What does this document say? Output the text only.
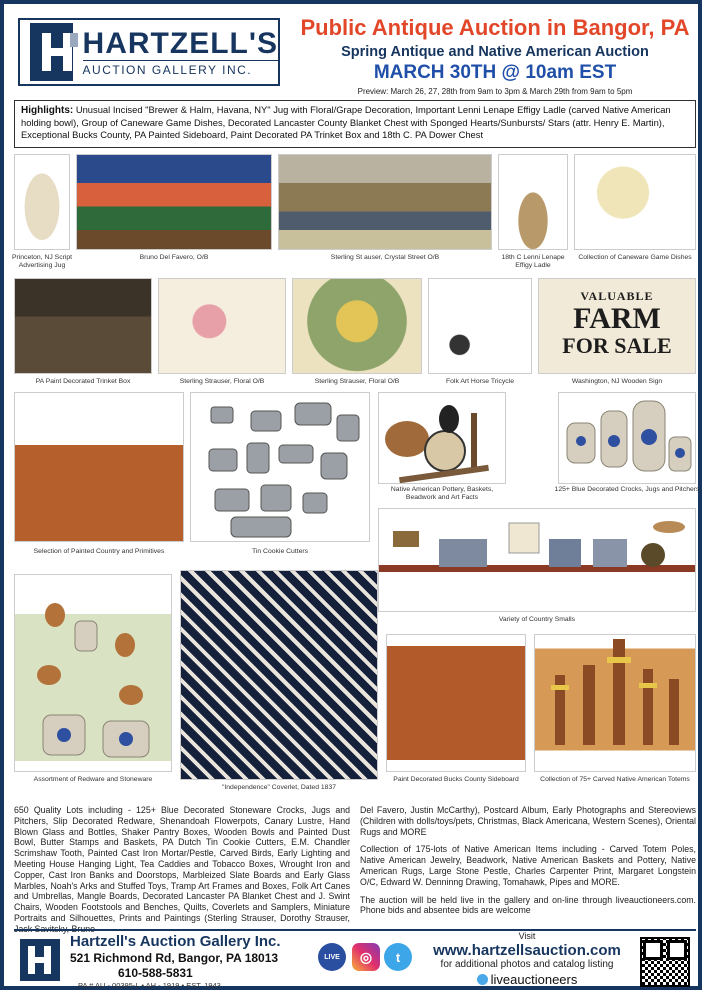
HARTZELL'S
AUCTION GALLERY INC.
Public Antique Auction in Bangor, PA
Spring Antique and Native American Auction
MARCH 30TH @ 10am EST
Preview: March 26, 27, 28th from 9am to 3pm & March 29th from 9am to 5pm
Highlights: Unusual Incised "Brewer & Halm, Havana, NY" Jug with Floral/Grape Decoration, Important Lenni Lenape Effigy Ladle (carved Native American holding bowl), Group of Caneware Game Dishes, Decorated Lancaster County Blanket Chest with Sponged Hearts/Sunbursts/ Stars (attr. Henry E. Martin), Exceptional Bucks County, PA Painted Sideboard, Paint Decorated PA Trinket Box and 18th C. PA Dower Chest
Princeton, NJ Script Advertising Jug
Bruno Del Favero, O/B	Sterling St auser, Crystal Street O/B	18th C Lenni Lenape Effigy Ladle
Collection of Caneware Game Dishes
PA Paint Decorated Trinket Box	Sterling Strauser, Floral O/B	Sterling Strauser, Floral O/B	Folk Art Horse Tricycle
VALUABLE
FARM
FOR SALE
Washington, NJ Wooden Sign
Selection of Painted Country and Primitives	Tin Cookie Cutters
Native American Pottery, Baskets, Beadwork and Art Facts
125+ Blue Decorated Crocks, Jugs and Pitchers
Variety of Country Smalls
Assortment of Redware and Stoneware
"Independence" Coverlet, Dated 1837
Paint Decorated Bucks County Sideboard	Collection of 75+ Carved Native American Totems

650 Quality Lots including - 125+ Blue Decorated Stoneware Crocks, Jugs and Pitchers, Slip Decorated Redware, Shenandoah Flowerpots, Canary Lustre, Hand Blown Glass and Bottles, Shaker Pantry Boxes, Wooden Bowls and Painted Dust Bowl, Butter Stamps and Baskets, PA Dutch Tin Cookie Cutters, E.M. Chandler Scrimshaw Tooth, Painted Cast Iron Mortar/Pestle, Carved Birds, Early Lighting and Meeting House Hanging Light, Tea Caddies and Tobacco Boxes, Wrought Iron and Copper, Cast Iron Banks and Doorstops, Marbleized Slate Boards and Early Glass Marbles, Noah's Arks and Stuffed Toys, Tramp Art Frames and Boxes, Folk Art Canes and Umbrellas, Mangle Boards, Decorated Lancaster PA Blanket Chest and J. Swint Chairs, Wooden Footstools and Benches, Quilts, Coverlets and Samplers, Miniature Portraits and Silhouettes, Prints and Paintings (Sterling Strauser, Dorothy Strauser, Jack Savitsky, Bruno

Del Favero, Justin McCarthy), Postcard Album, Early Photographs and Stereoviews (Children with dolls/toys/pets, Christmas, Black Americana, Western Scenes), Oriental Rugs and MORE

Collection of 175-lots of Native American Items including - Carved Totem Poles, Native American Jewelry, Beadwork, Native American Baskets and Pottery, Native American Rugs, Large Stone Pestle, Charles Carpenter Print, Margaret Longstein O/C, Edward W. Denninng Drawing, Tomahawk, Pipes and MORE.

The auction will be held live in the gallery and on-line through liveauctioneers.com. Phone bids and absentee bids are welcome

Hartzell's Auction Gallery Inc.
521 Richmond Rd, Bangor, PA 18013
610-588-5831
PA # AU - 00395-L • AH - 1919 • EST. 1943
LIVE	◎	t
Visit
www.hartzellsauction.com
for additional photos and catalog listing
liveauctioneers
